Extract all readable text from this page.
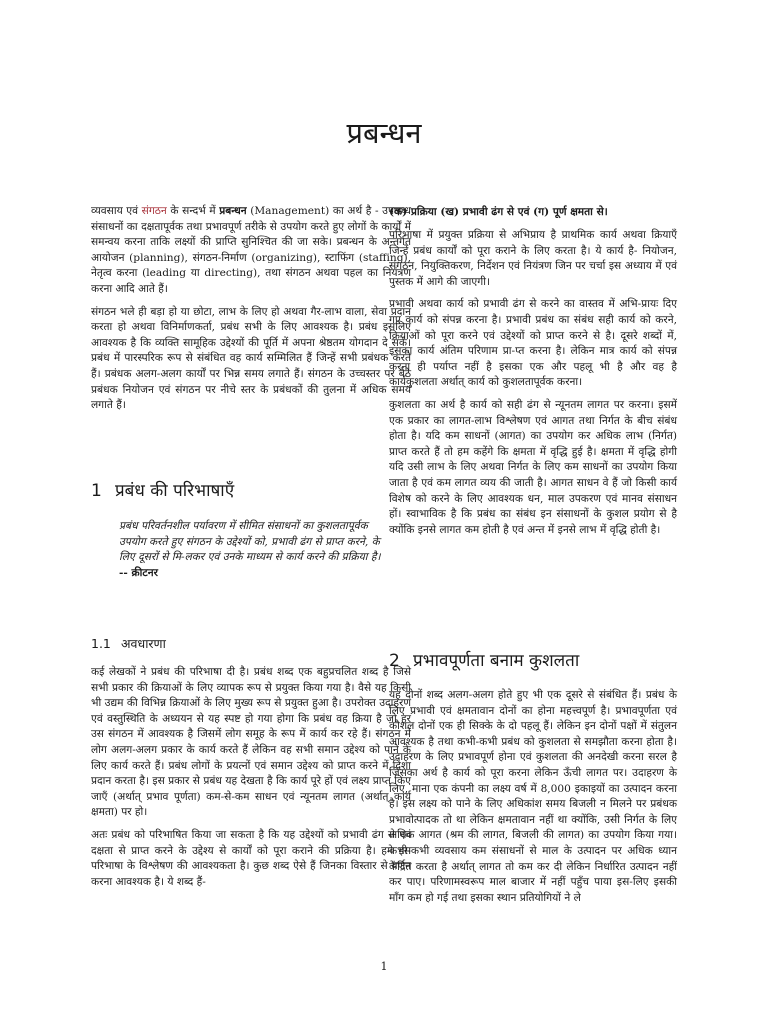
प्रबन्धन

व्यवसाय एवं संगठन के सन्दर्भ में प्रबन्धन (Management) का अर्थ है - उपलब्ध संसाधनों का दक्षतापूर्वक तथा प्रभावपूर्ण तरीके से उपयोग करते हुए लोगों के कार्यों में समन्वय करना ताकि लक्ष्यों की प्राप्ति सुनिश्चित की जा सके। प्रबन्धन के अन्तर्गत आयोजन (planning), संगठन-निर्माण (organizing), स्टाफिंग (staffing), नेतृत्व करना (leading या directing), तथा संगठन अथवा पहल का नियंत्रण करना आदि आते हैं।

संगठन भले ही बड़ा हो या छोटा, लाभ के लिए हो अथवा गैर-लाभ वाला, सेवा प्रदान करता हो अथवा विनिर्माणकर्ता, प्रबंध सभी के लिए आवश्यक है। प्रबंध इसलिए आवश्यक है कि व्यक्ति सामूहिक उद्देश्यों की पूर्ति में अपना श्रेष्ठतम योगदान दे सकें। प्रबंध में पारस्परिक रूप से संबंधित वह कार्य सम्मिलित हैं जिन्हें सभी प्रबंधक करते हैं। प्रबंधक अलग-अलग कार्यों पर भिन्न समय लगाते हैं। संगठन के उच्चस्तर पर बैठे प्रबंधक नियोजन एवं संगठन पर नीचे स्तर के प्रबंधकों की तुलना में अधिक समय लगाते हैं।

1 प्रबंध की परिभाषाएँ
प्रबंध परिवर्तनशील पर्यावरण में सीमित संसाधनों का कुशलतापूर्वक उपयोग करते हुए संगठन के उद्देश्यों को, प्रभावी ढंग से प्राप्त करने, के लिए दूसरों से मि-लकर एवं उनके माध्यम से कार्य करने की प्रक्रिया है।
-- क्रीटनर
1.1 अवधारणा

कई लेखकों ने प्रबंध की परिभाषा दी है। प्रबंध शब्द एक बहुप्रचलित शब्द है जिसे सभी प्रकार की क्रियाओं के लिए व्यापक रूप से प्रयुक्त किया गया है। वैसे यह किसी भी उद्यम की विभिन्न क्रियाओं के लिए मुख्य रूप से प्रयुक्त हुआ है। उपरोक्त उदाहरण एवं वस्तुस्थिति के अध्ययन से यह स्पष्ट हो गया होगा कि प्रबंध वह क्रिया है जो हर उस संगठन में आवश्यक है जिसमें लोग समूह के रूप में कार्य कर रहे हैं। संगठन में लोग अलग-अलग प्रकार के कार्य करते हैं लेकिन वह सभी समान उद्देश्य को पाने के लिए कार्य करते हैं। प्रबंध लोगों के प्रयत्नों एवं समान उद्देश्य को प्राप्त करने में दिशा प्रदान करता है। इस प्रकार से प्रबंध यह देखता है कि कार्य पूरे हों एवं लक्ष्य प्राप्त किए जाएँ (अर्थात् प्रभाव पूर्णता) कम-से-कम साधन एवं न्यूनतम लागत (अर्थात् कार्य क्षमता) पर हो।

अतः प्रबंध को परिभाषित किया जा सकता है कि यह उद्देश्यों को प्रभावी ढंग से एवं दक्षता से प्राप्त करने के उद्देश्य से कार्यों को पूरा कराने की प्रक्रिया है। हमे इस परिभाषा के विश्लेषण की आवश्यकता है। कुछ शब्द ऐसे हैं जिनका विस्तार से वर्णन करना आवश्यक है। ये शब्द हैं-

(क) प्रक्रिया (ख) प्रभावी ढंग से एवं (ग) पूर्ण क्षमता से।

परिभाषा में प्रयुक्त प्रक्रिया से अभिप्राय है प्राथमिक कार्य अथवा क्रियाएँ जिन्हें प्रबंध कार्यों को पूरा कराने के लिए करता है। ये कार्य है- नियोजन, संगठन, नियुक्तिकरण, निर्देशन एवं नियंत्रण जिन पर चर्चा इस अध्याय में एवं पुस्तक में आगे की जाएगी।

प्रभावी अथवा कार्य को प्रभावी ढंग से करने का वास्तव में अभि-प्रायः दिए गए कार्य को संपन्न करना है। प्रभावी प्रबंध का संबंध सही कार्य को करने, क्रियाओं को पूरा करने एवं उद्देश्यों को प्राप्त करने से है। दूसरे शब्दों में, इसका कार्य अंतिम परिणाम प्रा-प्त करना है। लेकिन मात्र कार्य को संपन्न करना ही पर्याप्त नहीं है इसका एक और पहलू भी है और वह है कार्यकुशलता अर्थात् कार्य को कुशलतापूर्वक करना।

कुशलता का अर्थ है कार्य को सही ढंग से न्यूनतम लागत पर करना। इसमें एक प्रकार का लागत-लाभ विश्लेषण एवं आगत तथा निर्गत के बीच संबंध होता है। यदि कम साधनों (आगत) का उपयोग कर अधिक लाभ (निर्गत) प्राप्त करते हैं तो हम कहेंगे कि क्षमता में वृद्धि हुई है। क्षमता में वृद्धि होगी यदि उसी लाभ के लिए अथवा निर्गत के लिए कम साधनों का उपयोग किया जाता है एवं कम लागत व्यय की जाती है। आगत साधन वे हैं जो किसी कार्य विशेष को करने के लिए आवश्यक धन, माल उपकरण एवं मानव संसाधन हों। स्वाभाविक है कि प्रबंध का संबंध इन संसाधनों के कुशल प्रयोग से है क्योंकि इनसे लागत कम होती है एवं अन्त में इनसे लाभ में वृद्धि होती है।

2 प्रभावपूर्णता बनाम कुशलता

यह दोनों शब्द अलग-अलग होते हुए भी एक दूसरे से संबंधित हैं। प्रबंध के लिए प्रभावी एवं क्षमतावान दोनों का होना महत्त्वपूर्ण है। प्रभावपूर्णता एवं कौशल दोनों एक ही सिक्के के दो पहलू हैं। लेकिन इन दोनों पक्षों में संतुलन आवश्यक है तथा कभी-कभी प्रबंध को कुशलता से समझौता करना होता है। उदाहरण के लिए प्रभावपूर्ण होना एवं कुशलता की अनदेखी करना सरल है जिसका अर्थ है कार्य को पूरा करना लेकिन ऊँची लागत पर। उदाहरण के लिए, माना एक कंपनी का लक्ष्य वर्ष में 8,000 इकाइयों का उत्पादन करना है। इस लक्ष्य को पाने के लिए अधिकांश समय बिजली न मिलने पर प्रबंधक प्रभावोत्पादक तो था लेकिन क्षमतावान नहीं था क्योंकि, उसी निर्गत के लिए अधिक आगत (श्रम की लागत, बिजली की लागत) का उपयोग किया गया। कभी-कभी व्यवसाय कम संसाधनों से माल के उत्पादन पर अधिक ध्यान केंद्रित करता है अर्थात् लागत तो कम कर दी लेकिन निर्धारित उत्पादन नहीं कर पाए। परिणामस्वरूप माल बाजार में नहीं पहुँच पाया इस-लिए इसकी माँग कम हो गई तथा इसका स्थान प्रतियोगियों ने ले

1
